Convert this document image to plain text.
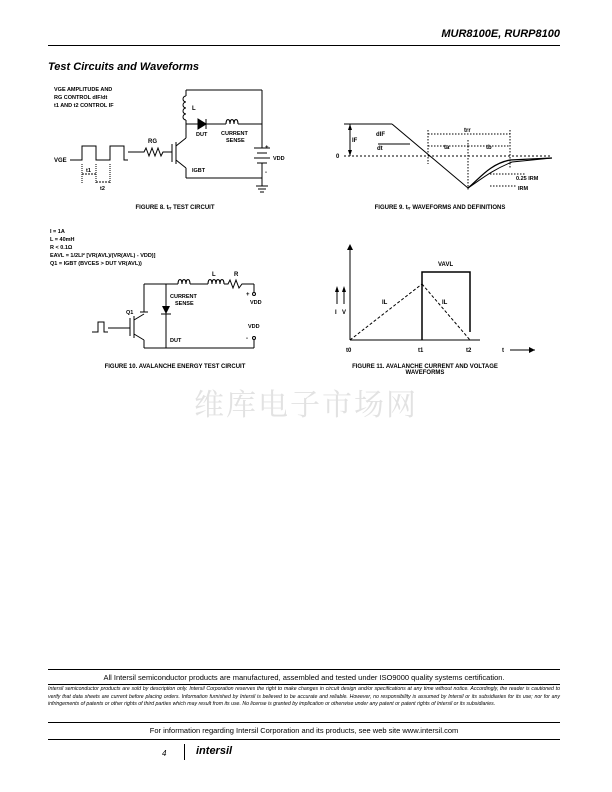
MUR8100E, RURP8100
Test Circuits and Waveforms
VGE AMPLITUDE AND
RG CONTROL dIF/dt
t1 AND t2 CONTROL IF
VGE
t1
t2
RG
L
DUT CURRENT
SENSE
IGBT
+
VDD
-
FIGURE 8. tᵣᵣ TEST CIRCUIT
IF
0
dIF
dt
trr
ta	tb
0.25 IRM
IRM
FIGURE 9. tᵣᵣ WAVEFORMS AND DEFINITIONS
I = 1A
L = 40mH
R < 0.1Ω
EAVL = 1/2LI² [VR(AVL)/(VR(AVL) - VDD)]
Q1 = IGBT (BVCES > DUT VR(AVL))
L	R
CURRENT
SENSE
+
VDD
VDD
-
Q1
DUT
FIGURE 10. AVALANCHE ENERGY TEST CIRCUIT
VAVL
IL	IL
I V
t0	t1	t2	t
FIGURE 11. AVALANCHE CURRENT AND VOLTAGE
WAVEFORMS
维库电子市场网
All Intersil semiconductor products are manufactured, assembled and tested under ISO9000 quality systems certification.
Intersil semiconductor products are sold by description only. Intersil Corporation reserves the right to make changes in circuit design and/or specifications at any time without notice. Accordingly, the reader is cautioned to verify that data sheets are current before placing orders. Information furnished by Intersil is believed to be accurate and reliable. However, no responsibility is assumed by Intersil or its subsidiaries for its use; nor for any infringements of patents or other rights of third parties which may result from its use. No license is granted by implication or otherwise under any patent or patent rights of Intersil or its subsidiaries.
For information regarding Intersil Corporation and its products, see web site www.intersil.com
4	intersil
